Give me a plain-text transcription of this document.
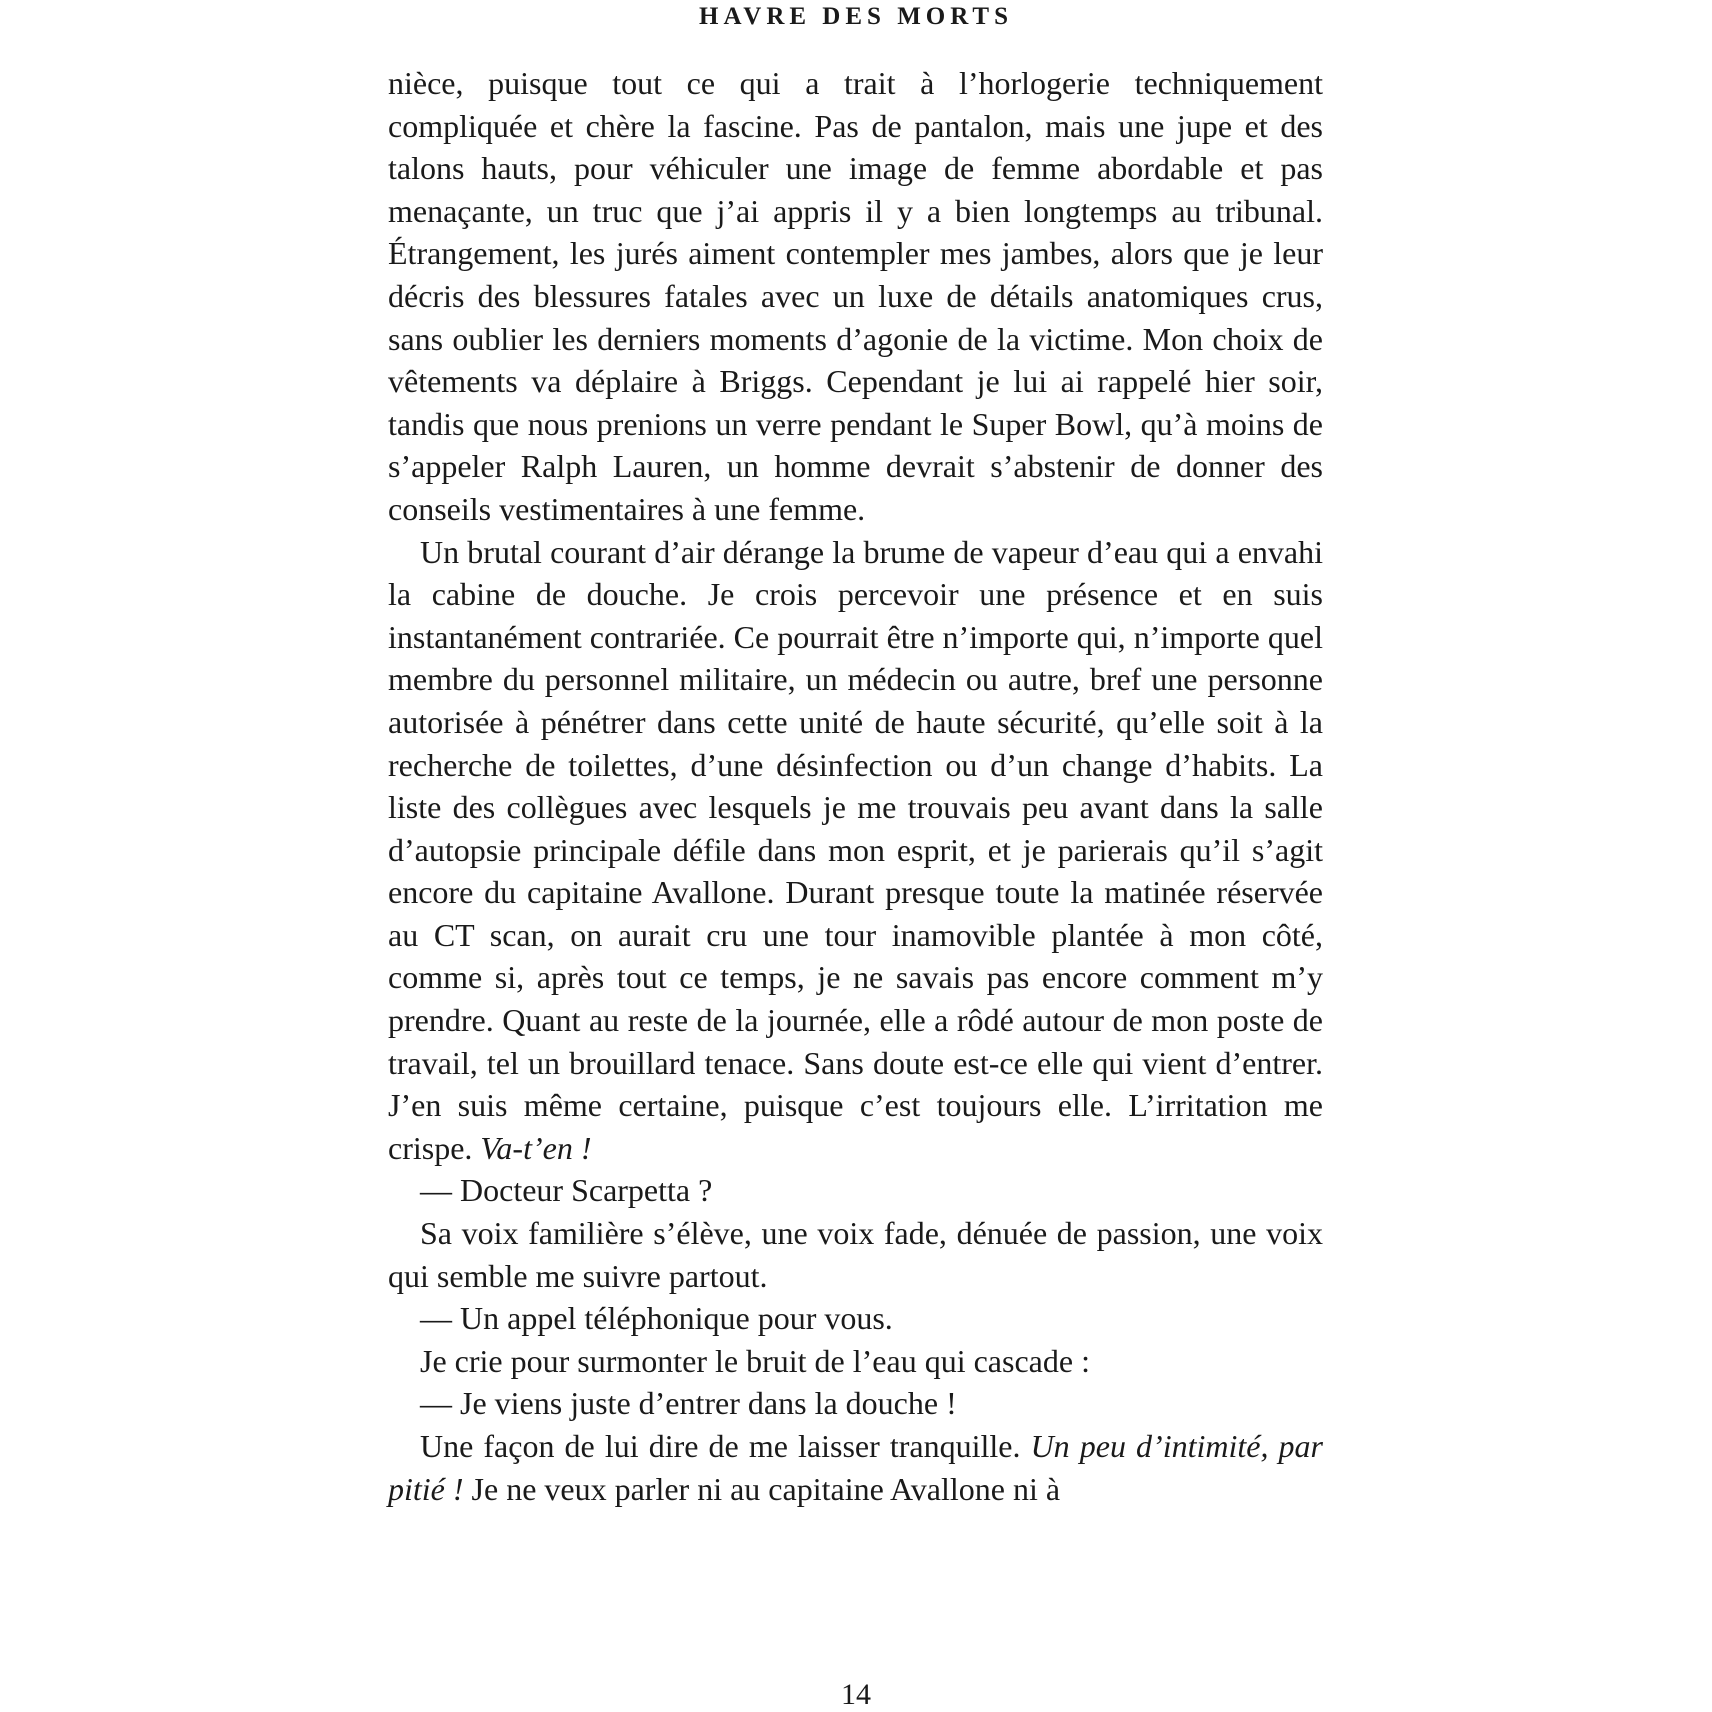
HAVRE DES MORTS

nièce, puisque tout ce qui a trait à l’horlogerie techniquement compliquée et chère la fascine. Pas de pantalon, mais une jupe et des talons hauts, pour véhiculer une image de femme abordable et pas menaçante, un truc que j’ai appris il y a bien longtemps au tribunal. Étrangement, les jurés aiment contempler mes jambes, alors que je leur décris des blessures fatales avec un luxe de détails anatomiques crus, sans oublier les derniers moments d’agonie de la victime. Mon choix de vêtements va déplaire à Briggs. Cependant je lui ai rappelé hier soir, tandis que nous prenions un verre pendant le Super Bowl, qu’à moins de s’appeler Ralph Lauren, un homme devrait s’abstenir de donner des conseils vestimentaires à une femme.

Un brutal courant d’air dérange la brume de vapeur d’eau qui a envahi la cabine de douche. Je crois percevoir une présence et en suis instantanément contrariée. Ce pourrait être n’importe qui, n’importe quel membre du personnel militaire, un médecin ou autre, bref une personne autorisée à pénétrer dans cette unité de haute sécurité, qu’elle soit à la recherche de toilettes, d’une désinfection ou d’un change d’habits. La liste des collègues avec lesquels je me trouvais peu avant dans la salle d’autopsie principale défile dans mon esprit, et je parierais qu’il s’agit encore du capitaine Avallone. Durant presque toute la matinée réservée au CT scan, on aurait cru une tour inamovible plantée à mon côté, comme si, après tout ce temps, je ne savais pas encore comment m’y prendre. Quant au reste de la journée, elle a rôdé autour de mon poste de travail, tel un brouillard tenace. Sans doute est-ce elle qui vient d’entrer. J’en suis même certaine, puisque c’est toujours elle. L’irritation me crispe. Va-t’en !

— Docteur Scarpetta ?

Sa voix familière s’élève, une voix fade, dénuée de passion, une voix qui semble me suivre partout.

— Un appel téléphonique pour vous.

Je crie pour surmonter le bruit de l’eau qui cascade :

— Je viens juste d’entrer dans la douche !

Une façon de lui dire de me laisser tranquille. Un peu d’intimité, par pitié ! Je ne veux parler ni au capitaine Avallone ni à

14
